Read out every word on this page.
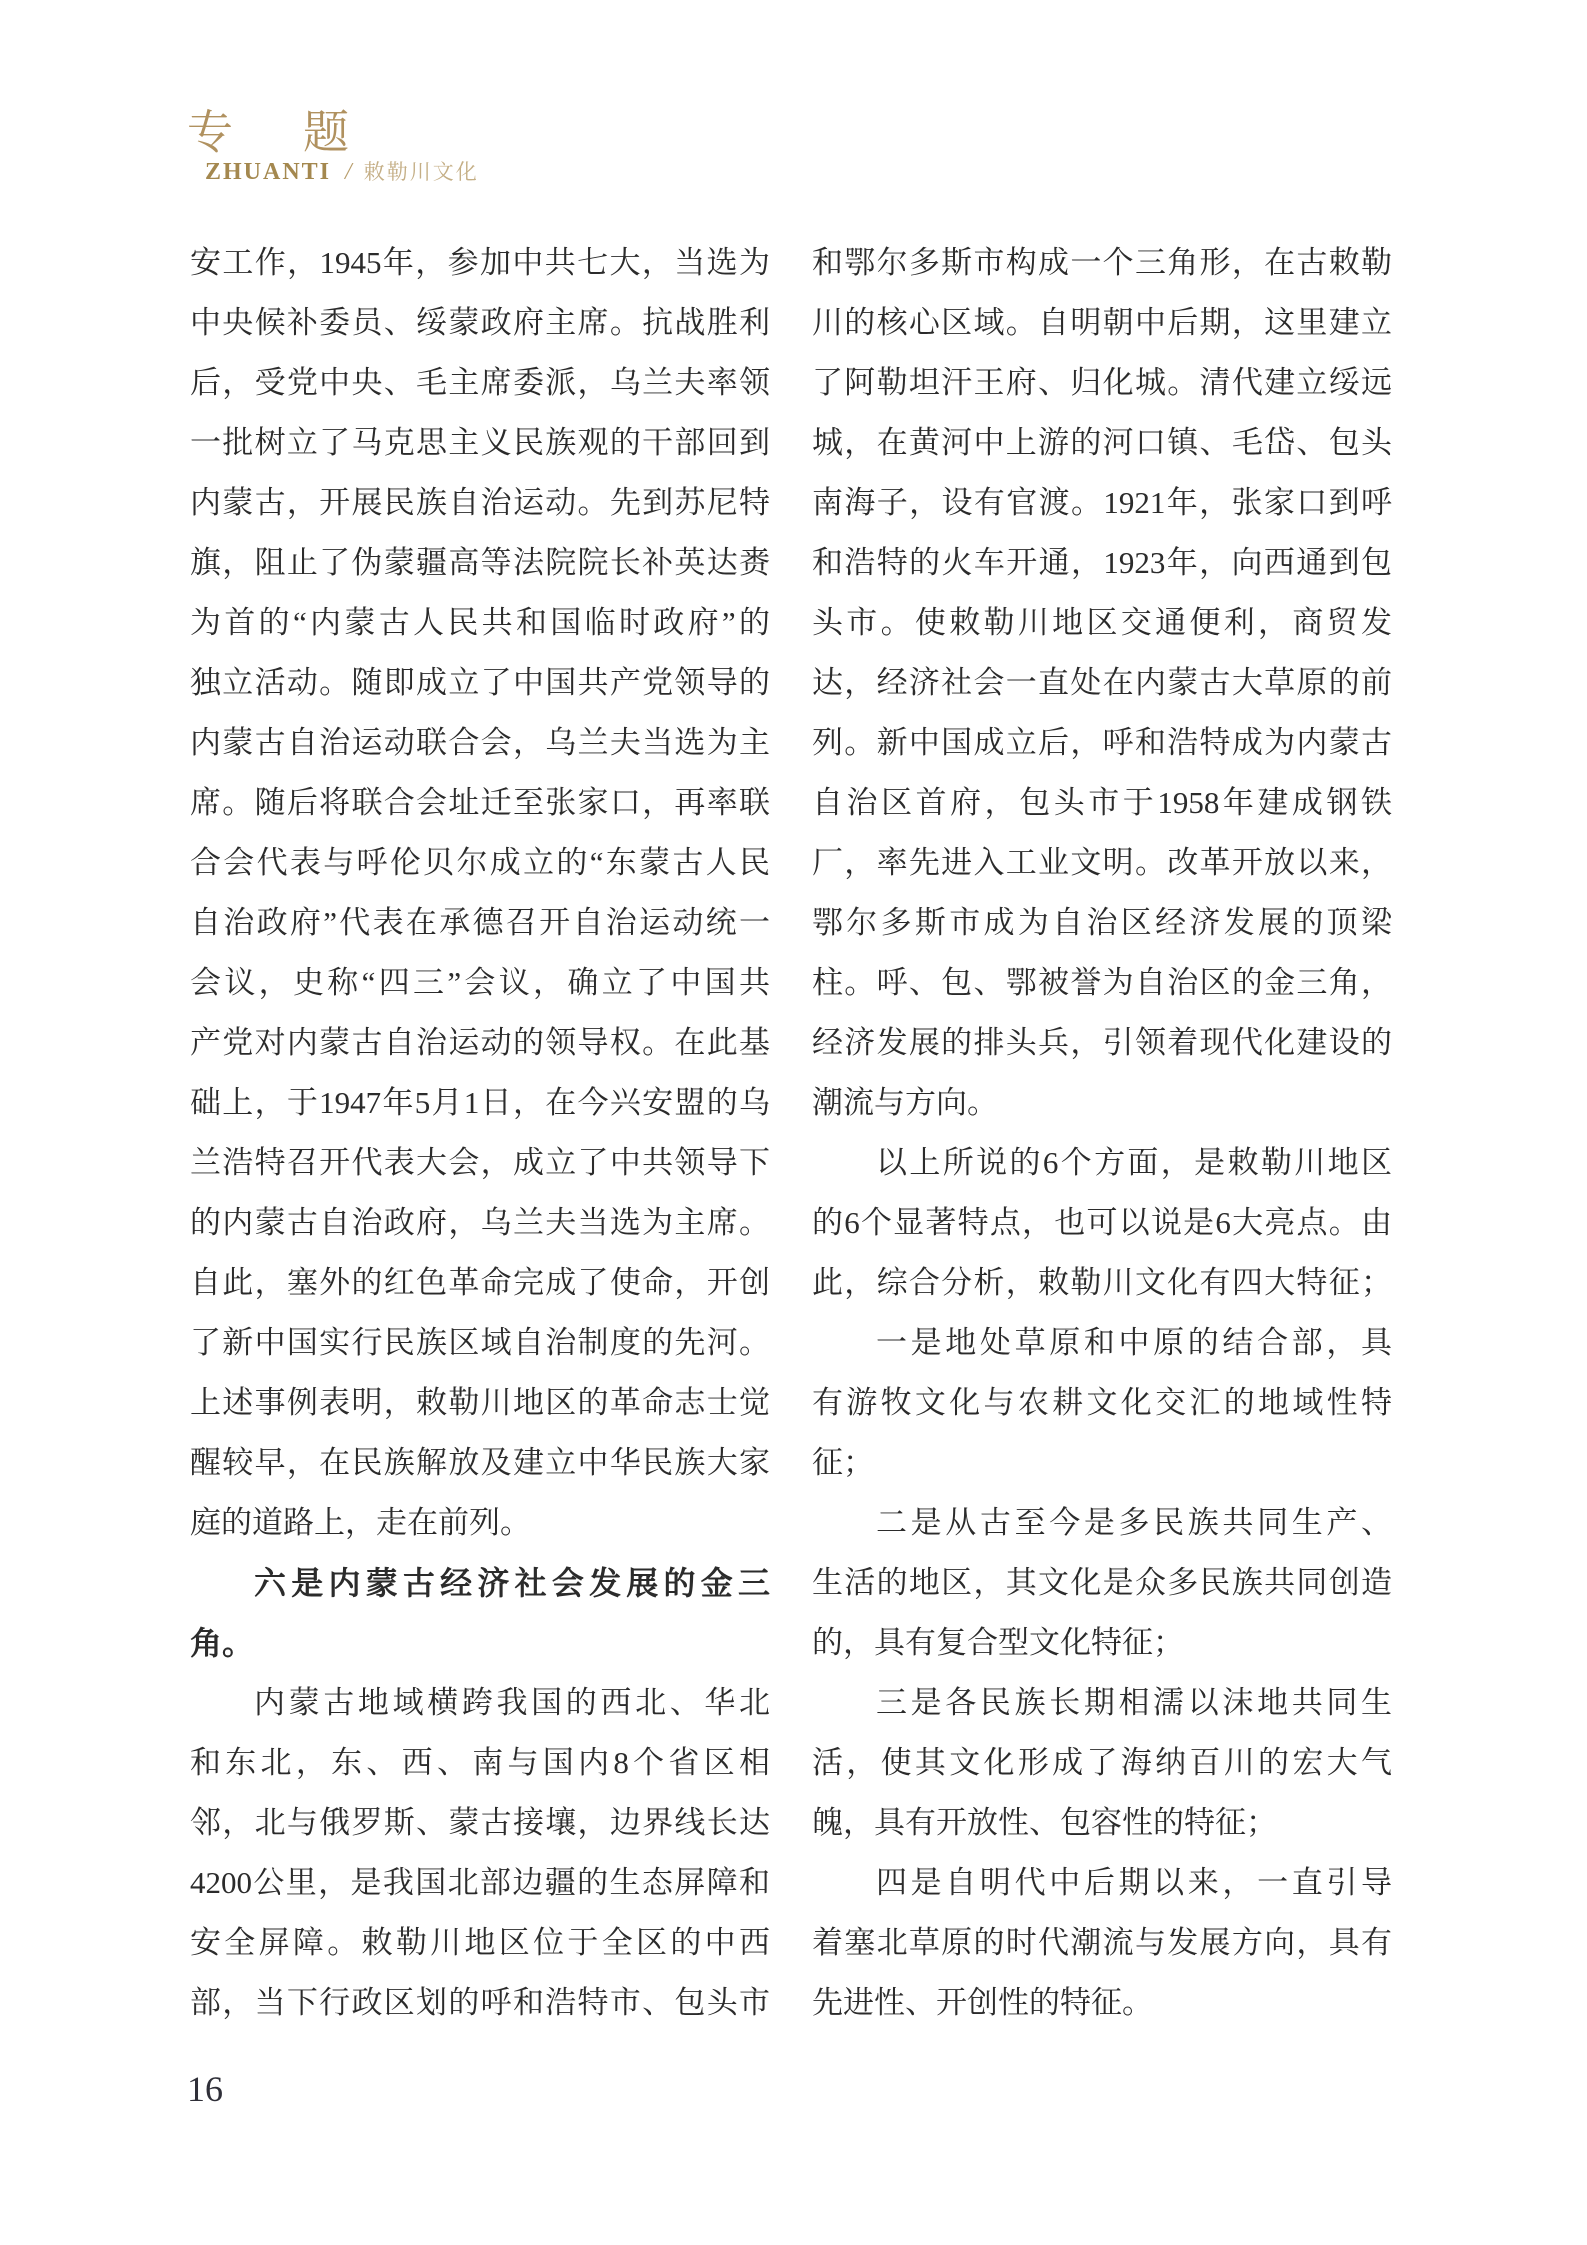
专　题
ZHUANTI / 敕勒川文化
安工作，1945年，参加中共七大，当选为
中央候补委员、绥蒙政府主席。抗战胜利
后，受党中央、毛主席委派，乌兰夫率领
一批树立了马克思主义民族观的干部回到
内蒙古，开展民族自治运动。先到苏尼特
旗，阻止了伪蒙疆高等法院院长补英达赉
为首的“内蒙古人民共和国临时政府”的
独立活动。随即成立了中国共产党领导的
内蒙古自治运动联合会，乌兰夫当选为主
席。随后将联合会址迁至张家口，再率联
合会代表与呼伦贝尔成立的“东蒙古人民
自治政府”代表在承德召开自治运动统一
会议，史称“四三”会议，确立了中国共
产党对内蒙古自治运动的领导权。在此基
础上，于1947年5月1日，在今兴安盟的乌
兰浩特召开代表大会，成立了中共领导下
的内蒙古自治政府，乌兰夫当选为主席。
自此，塞外的红色革命完成了使命，开创
了新中国实行民族区域自治制度的先河。
上述事例表明，敕勒川地区的革命志士觉
醒较早，在民族解放及建立中华民族大家
庭的道路上，走在前列。
六是内蒙古经济社会发展的金三
角。
内蒙古地域横跨我国的西北、华北
和东北，东、西、南与国内8个省区相
邻，北与俄罗斯、蒙古接壤，边界线长达
4200公里，是我国北部边疆的生态屏障和
安全屏障。敕勒川地区位于全区的中西
部，当下行政区划的呼和浩特市、包头市
和鄂尔多斯市构成一个三角形，在古敕勒
川的核心区域。自明朝中后期，这里建立
了阿勒坦汗王府、归化城。清代建立绥远
城，在黄河中上游的河口镇、毛岱、包头
南海子，设有官渡。1921年，张家口到呼
和浩特的火车开通，1923年，向西通到包
头市。使敕勒川地区交通便利，商贸发
达，经济社会一直处在内蒙古大草原的前
列。新中国成立后，呼和浩特成为内蒙古
自治区首府，包头市于1958年建成钢铁
厂，率先进入工业文明。改革开放以来，
鄂尔多斯市成为自治区经济发展的顶梁
柱。呼、包、鄂被誉为自治区的金三角，
经济发展的排头兵，引领着现代化建设的
潮流与方向。
以上所说的6个方面，是敕勒川地区
的6个显著特点，也可以说是6大亮点。由
此，综合分析，敕勒川文化有四大特征；
一是地处草原和中原的结合部，具
有游牧文化与农耕文化交汇的地域性特
征；
二是从古至今是多民族共同生产、
生活的地区，其文化是众多民族共同创造
的，具有复合型文化特征；
三是各民族长期相濡以沫地共同生
活，使其文化形成了海纳百川的宏大气
魄，具有开放性、包容性的特征；
四是自明代中后期以来，一直引导
着塞北草原的时代潮流与发展方向，具有
先进性、开创性的特征。
16
